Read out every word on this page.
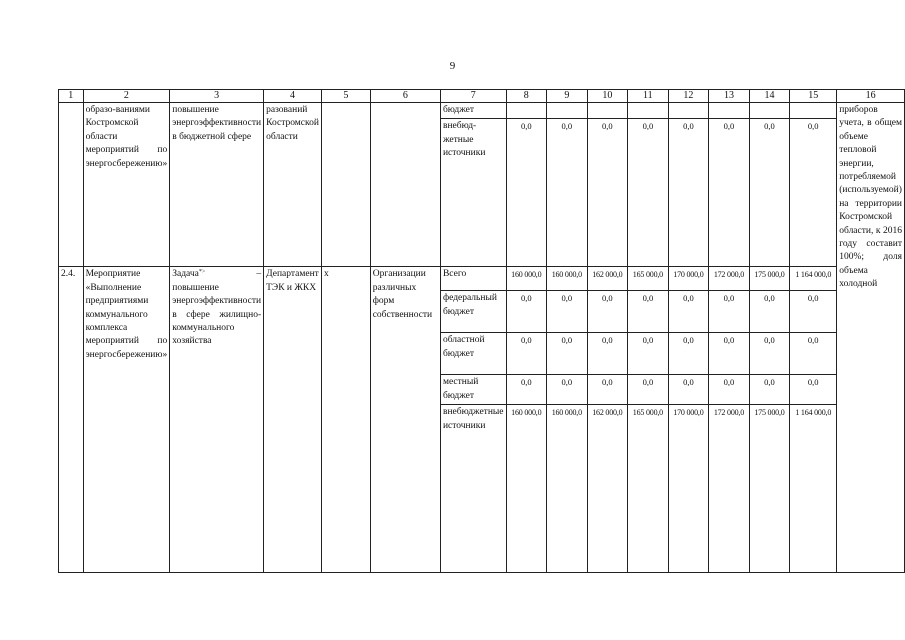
9
1	2	3	4	5	6	7	8	9	10	11	12	13	14	15	16
	образо-ваниями Костромской области мероприятий по энергосбережению»	повышение энергоэффективности в бюджетной сфере	разований Костромской области			бюджет									приборов учета, в общем объеме тепловой энергии, потребляемой (используемой) на территории Костромской области, к 2016 году составит 100%; доля объема холодной
						внебюд-жетные источники	0,0	0,0	0,0	0,0	0,0	0,0	0,0	0,0	
2.4.	Мероприятие «Выполнение предприятиями коммунального комплекса мероприятий по энергосбережению»	Задача*> – повышение энергоэффективности в сфере жилищно-коммунального хозяйства	Департамент ТЭК и ЖКХ	х	Организации различных форм собственности	Всего	160 000,0	160 000,0	162 000,0	165 000,0	170 000,0	172 000,0	175 000,0	1 164 000,0	
						федеральный бюджет	0,0	0,0	0,0	0,0	0,0	0,0	0,0	0,0	
						областной бюджет	0,0	0,0	0,0	0,0	0,0	0,0	0,0	0,0	
						местный бюджет	0,0	0,0	0,0	0,0	0,0	0,0	0,0	0,0	
						внебюджетные источники	160 000,0	160 000,0	162 000,0	165 000,0	170 000,0	172 000,0	175 000,0	1 164 000,0	
